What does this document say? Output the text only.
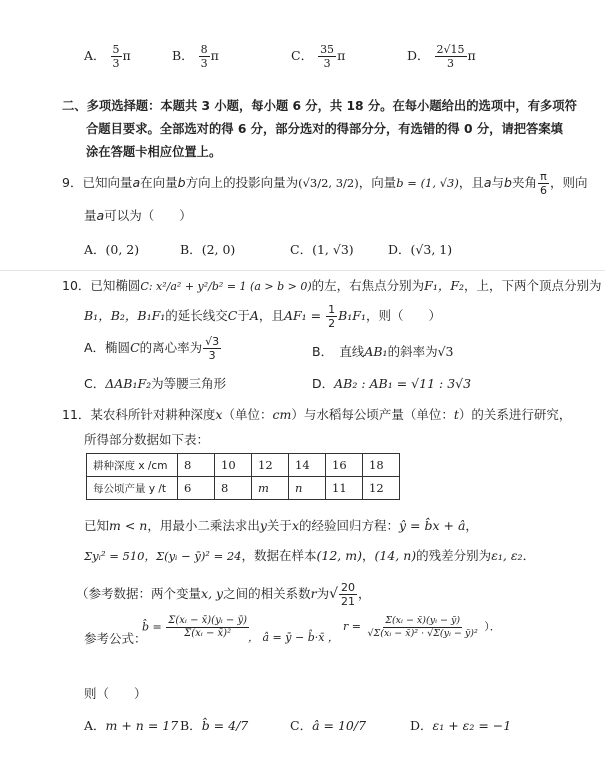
A． $\frac{5}{3}$ π	B． $\frac{8}{3}$ π	C． $\frac{35}{3}$ π	D． $\frac{2√15}{3}$ π
二、多项选择题：本题共 3 小题，每小题 6 分，共 18 分。在每小题给出的选项中，有多项符
合题目要求。全部选对的得 6 分，部分选对的得部分分，有选错的得 0 分，请把答案填
涂在答题卡相应位置上。
9．已知向量a在向量b方向上的投影向量为(√3/2, 3/2)，向量b = (1, √3)，且a与b夹角 $\frac{\pi}{6}$ ，则向
量a可以为（　　）
A．(0, 2)	B．(2, 0)	C．(1, √3)	D．(√3, 1)
10．已知椭圆C: x²/a² + y²/b² = 1 (a > b > 0)的左，右焦点分别为F₁，F₂，上，下两个顶点分别为
B₁，B₂，B₁F₁的延长线交C于A，且$AF_1 = \frac{1}{2} B_1F_1$，则（　　）
A．椭圆C的离心率为 $\frac{√3}{3}$	B．　直线AB₁的斜率为√3
C．ΔAB₁F₂为等腰三角形	D．AB₂ : AB₁ = √11 : 3√3
11．某农科所针对耕种深度x（单位：cm）与水稻每公顷产量（单位：t）的关系进行研究，
所得部分数据如下表：
耕种深度 x /cm	8	10	12	14	16	18
每公顷产量 y /t	6	8	m	n	11	12
已知m < n，用最小二乘法求出y关于x的经验回归方程：ŷ = b̂x + â，
Σyᵢ² = 510，Σ(yᵢ − ȳ)² = 24，数据在样本(12, m)，(14, n)的残差分别为ε₁, ε₂．
（参考数据：两个变量x, y之间的相关系数r为√ $\frac{20}{21}$ ，
参考公式：
b̂ = $\frac{\text{Σ(xᵢ − x̄)(yᵢ − ȳ)}}{\text{Σ(xᵢ − x̄)²}}$
， â = ȳ − b̂·x̄ ，
$r = \frac{\text{Σ(xᵢ − x̄)(yᵢ − ȳ)}}{\text{√Σ(xᵢ − x̄)² · √Σ(yᵢ − ȳ)²}}$ ）．
则（　　）
A．m + n = 17 B．b̂ = 4/7	C．â = 10/7	D．ε₁ + ε₂ = −1
